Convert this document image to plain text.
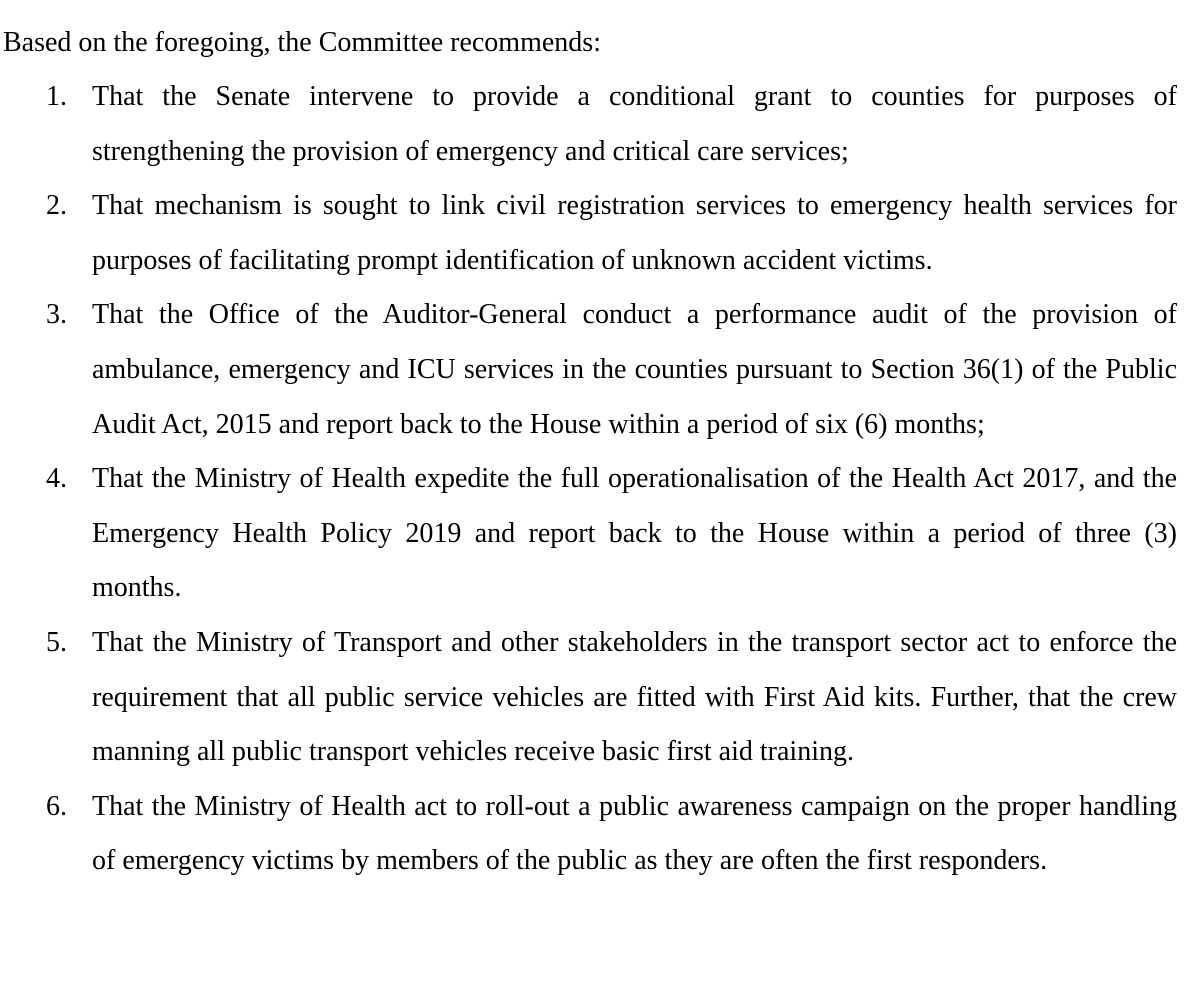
Based on the foregoing, the Committee recommends:
1. That the Senate intervene to provide a conditional grant to counties for purposes of strengthening the provision of emergency and critical care services;
2. That mechanism is sought to link civil registration services to emergency health services for purposes of facilitating prompt identification of unknown accident victims.
3. That the Office of the Auditor-General conduct a performance audit of the provision of ambulance, emergency and ICU services in the counties pursuant to Section 36(1) of the Public Audit Act, 2015 and report back to the House within a period of six (6) months;
4. That the Ministry of Health expedite the full operationalisation of the Health Act 2017, and the Emergency Health Policy 2019 and report back to the House within a period of three (3) months.
5. That the Ministry of Transport and other stakeholders in the transport sector act to enforce the requirement that all public service vehicles are fitted with First Aid kits. Further, that the crew manning all public transport vehicles receive basic first aid training.
6. That the Ministry of Health act to roll-out a public awareness campaign on the proper handling of emergency victims by members of the public as they are often the first responders.
